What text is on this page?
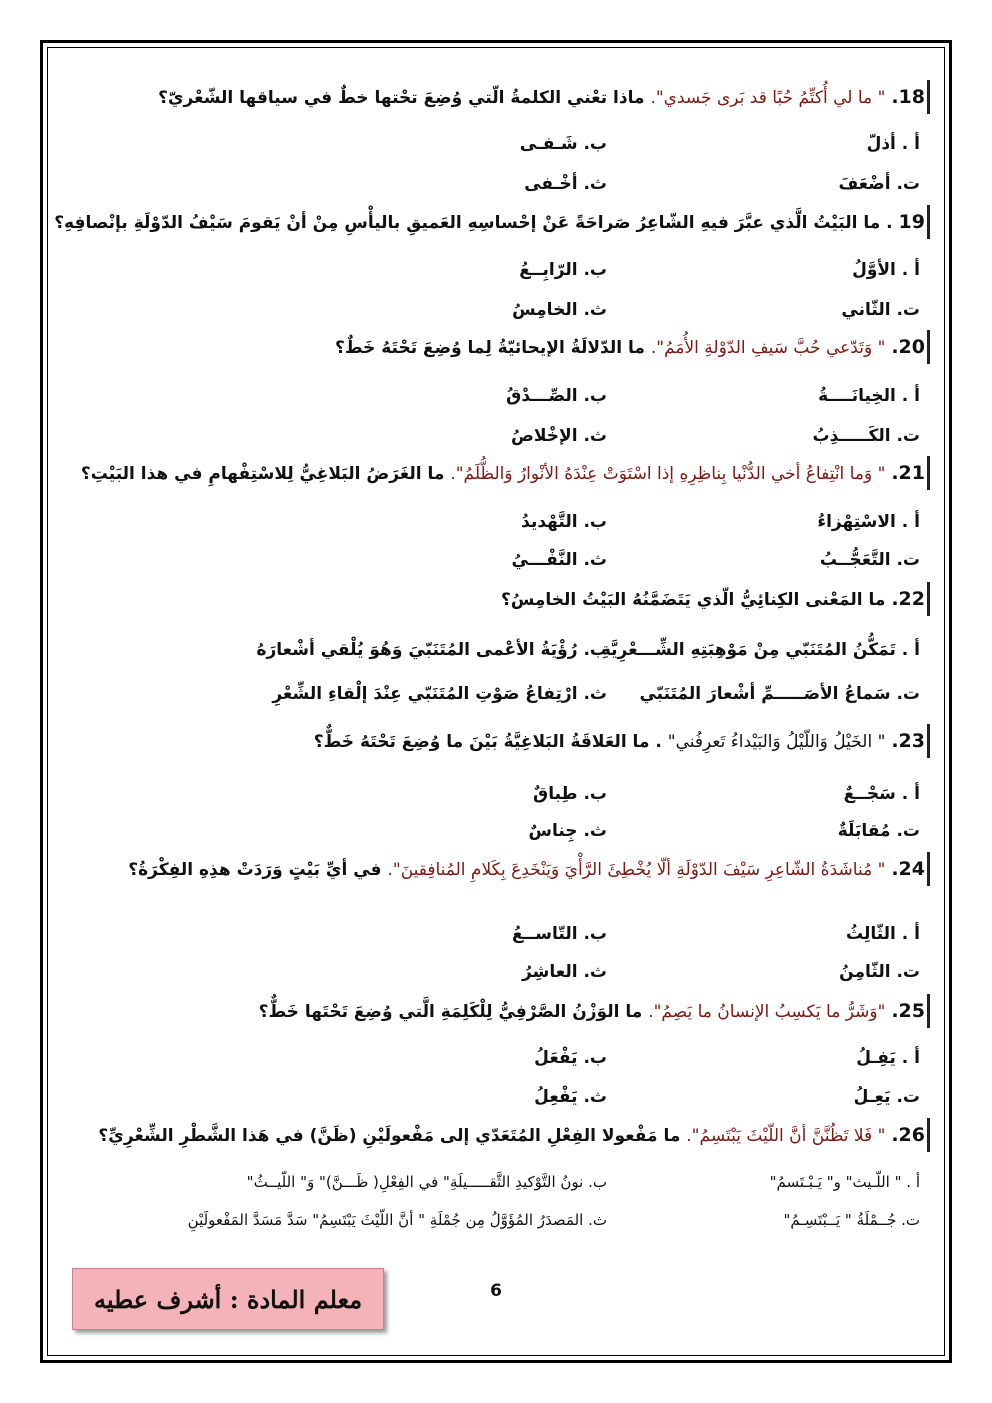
18. " ما لي أُكتِّمُ حُبًا قد بَرى جَسدي". ماذا تعْني الكلمةُ الّتي وُضِعَ تحْتها خطٌ في سياقها الشّعْريّ؟
أ . أذلّ
ب. شَـفـى
ت. أضْعَفَ
ث. أخْـفى
19 . ما البَيْتُ الَّذي عبَّرَ فيهِ الشّاعِرُ صَراحَةً عَنْ إحْساسِهِ العَميقِ باليأْسِ مِنْ أنْ يَقومَ سَيْفُ الدّوْلَةِ بإنْصافِهِ؟
أ . الأوَّلُ
ب. الرّابِــعُ
ت. الثّاني
ث. الخامِسُ
20. " وَتَدّعي حُبَّ سَيفِ الدّوْلةِ الأُمَمُ". ما الدّلالَةُ الإيحائيّةُ لِما وُضِعَ تَحْتَهُ خَطٌ؟
أ . الخِيانَــــةُ
ب. الصِّـــدْقُ
ت. الكَـــــذِبُ
ث. الإخْلاصُ
21. " وَما انْتِفاعُ أخي الدُّنْيا بِناظِرِهِ إذا اسْتَوَتْ عِنْدَهُ الأنْوارُ وَالظُّلَمُ". ما الغَرَضُ البَلاغِيُّ لِلاسْتِفْهامِ في هذا البَيْتِ؟
أ . الاسْتِهْزاءُ
ب. التَّهْديدُ
ت. التَّعَجُّــبُ
ث. النَّفْـــيُ
22. ما المَعْنى الكِنائِيُّ الّذي يَتَضَمَّنُهُ البَيْتُ الخامِسُ؟
أ . تَمَكُّنُ المُتَنَبّي مِنْ مَوْهِبَتِهِ الشِّـــعْرِيَّةِ
ب. رُؤْيَةُ الأعْمى المُتَنَبّيَ وَهُوَ يُلْقي أشْعارَهُ
ت. سَماعُ الأصَـــــمِّ أشْعارَ المُتَنَبّي
ث. ارْتِفاعُ صَوْتِ المُتَنَبّي عِنْدَ إلْقاءِ الشِّعْرِ
23. " الخَيْلُ وَاللّيْلُ وَالبَيْداءُ تَعرِفُني" . ما العَلاقَةُ البَلاغِيَّةُ بَيْنَ ما وُضِعَ تَحْتَهُ خَطٌّ؟
أ . سَجْــعٌ
ب. طِباقٌ
ت. مُقابَلَةٌ
ث. جِناسٌ
24. " مُناشَدَةُ الشّاعِرِ سَيْفَ الدّوْلَةِ ألّا يُخْطِئَ الرَّأْيَ وَيَنْخَدِعَ بِكَلامِ المُنافِقينَ". في أيِّ بَيْتٍ وَرَدَتْ هذِهِ الفِكْرَةُ؟
أ . الثّالِثُ
ب. التّاســعُ
ت. الثّامِنُ
ث. العاشِرُ
25. "وَشَرُّ ما يَكسِبُ الإنسانُ ما يَصِمُ". ما الوَزْنُ الصَّرْفِيُّ لِلْكَلِمَةِ الَّتي وُضِعَ تَحْتَها خَطٌّ؟
أ . يَفِـلُ
ب. يَفْعَلُ
ت. يَعِـلُ
ث. يَفْعِلُ
26. " فَلا تَظُنَّنَّ أنَّ اللّيْثَ يَبْتَسِمُ". ما مَفْعولا الفِعْلِ المُتَعَدّي إلى مَفْعولَيْنِ (ظَنَّ) في هَذا الشَّطْرِ الشِّعْرِيِّ؟
أ . " اللّـيث" و" يَـبْـتَسمُ"
ب. نونُ التَّوْكيدِ الثَّقـــــيلَةِ" في الفِعْلِ( ظَـــنَّ)" وَ" اللّيــثُ"
ت. جُــمْلَةُ " يَــبْتَسِـمُ"
ث. المَصدَرُ المُؤَوَّلُ مِن جُمْلَةِ " أنَّ اللّيْثَ يَبْتَسِمُ" سَدَّ مَسَدَّ المَفْعولَيْنِ
6
معلم المادة : أشرف عطيه
